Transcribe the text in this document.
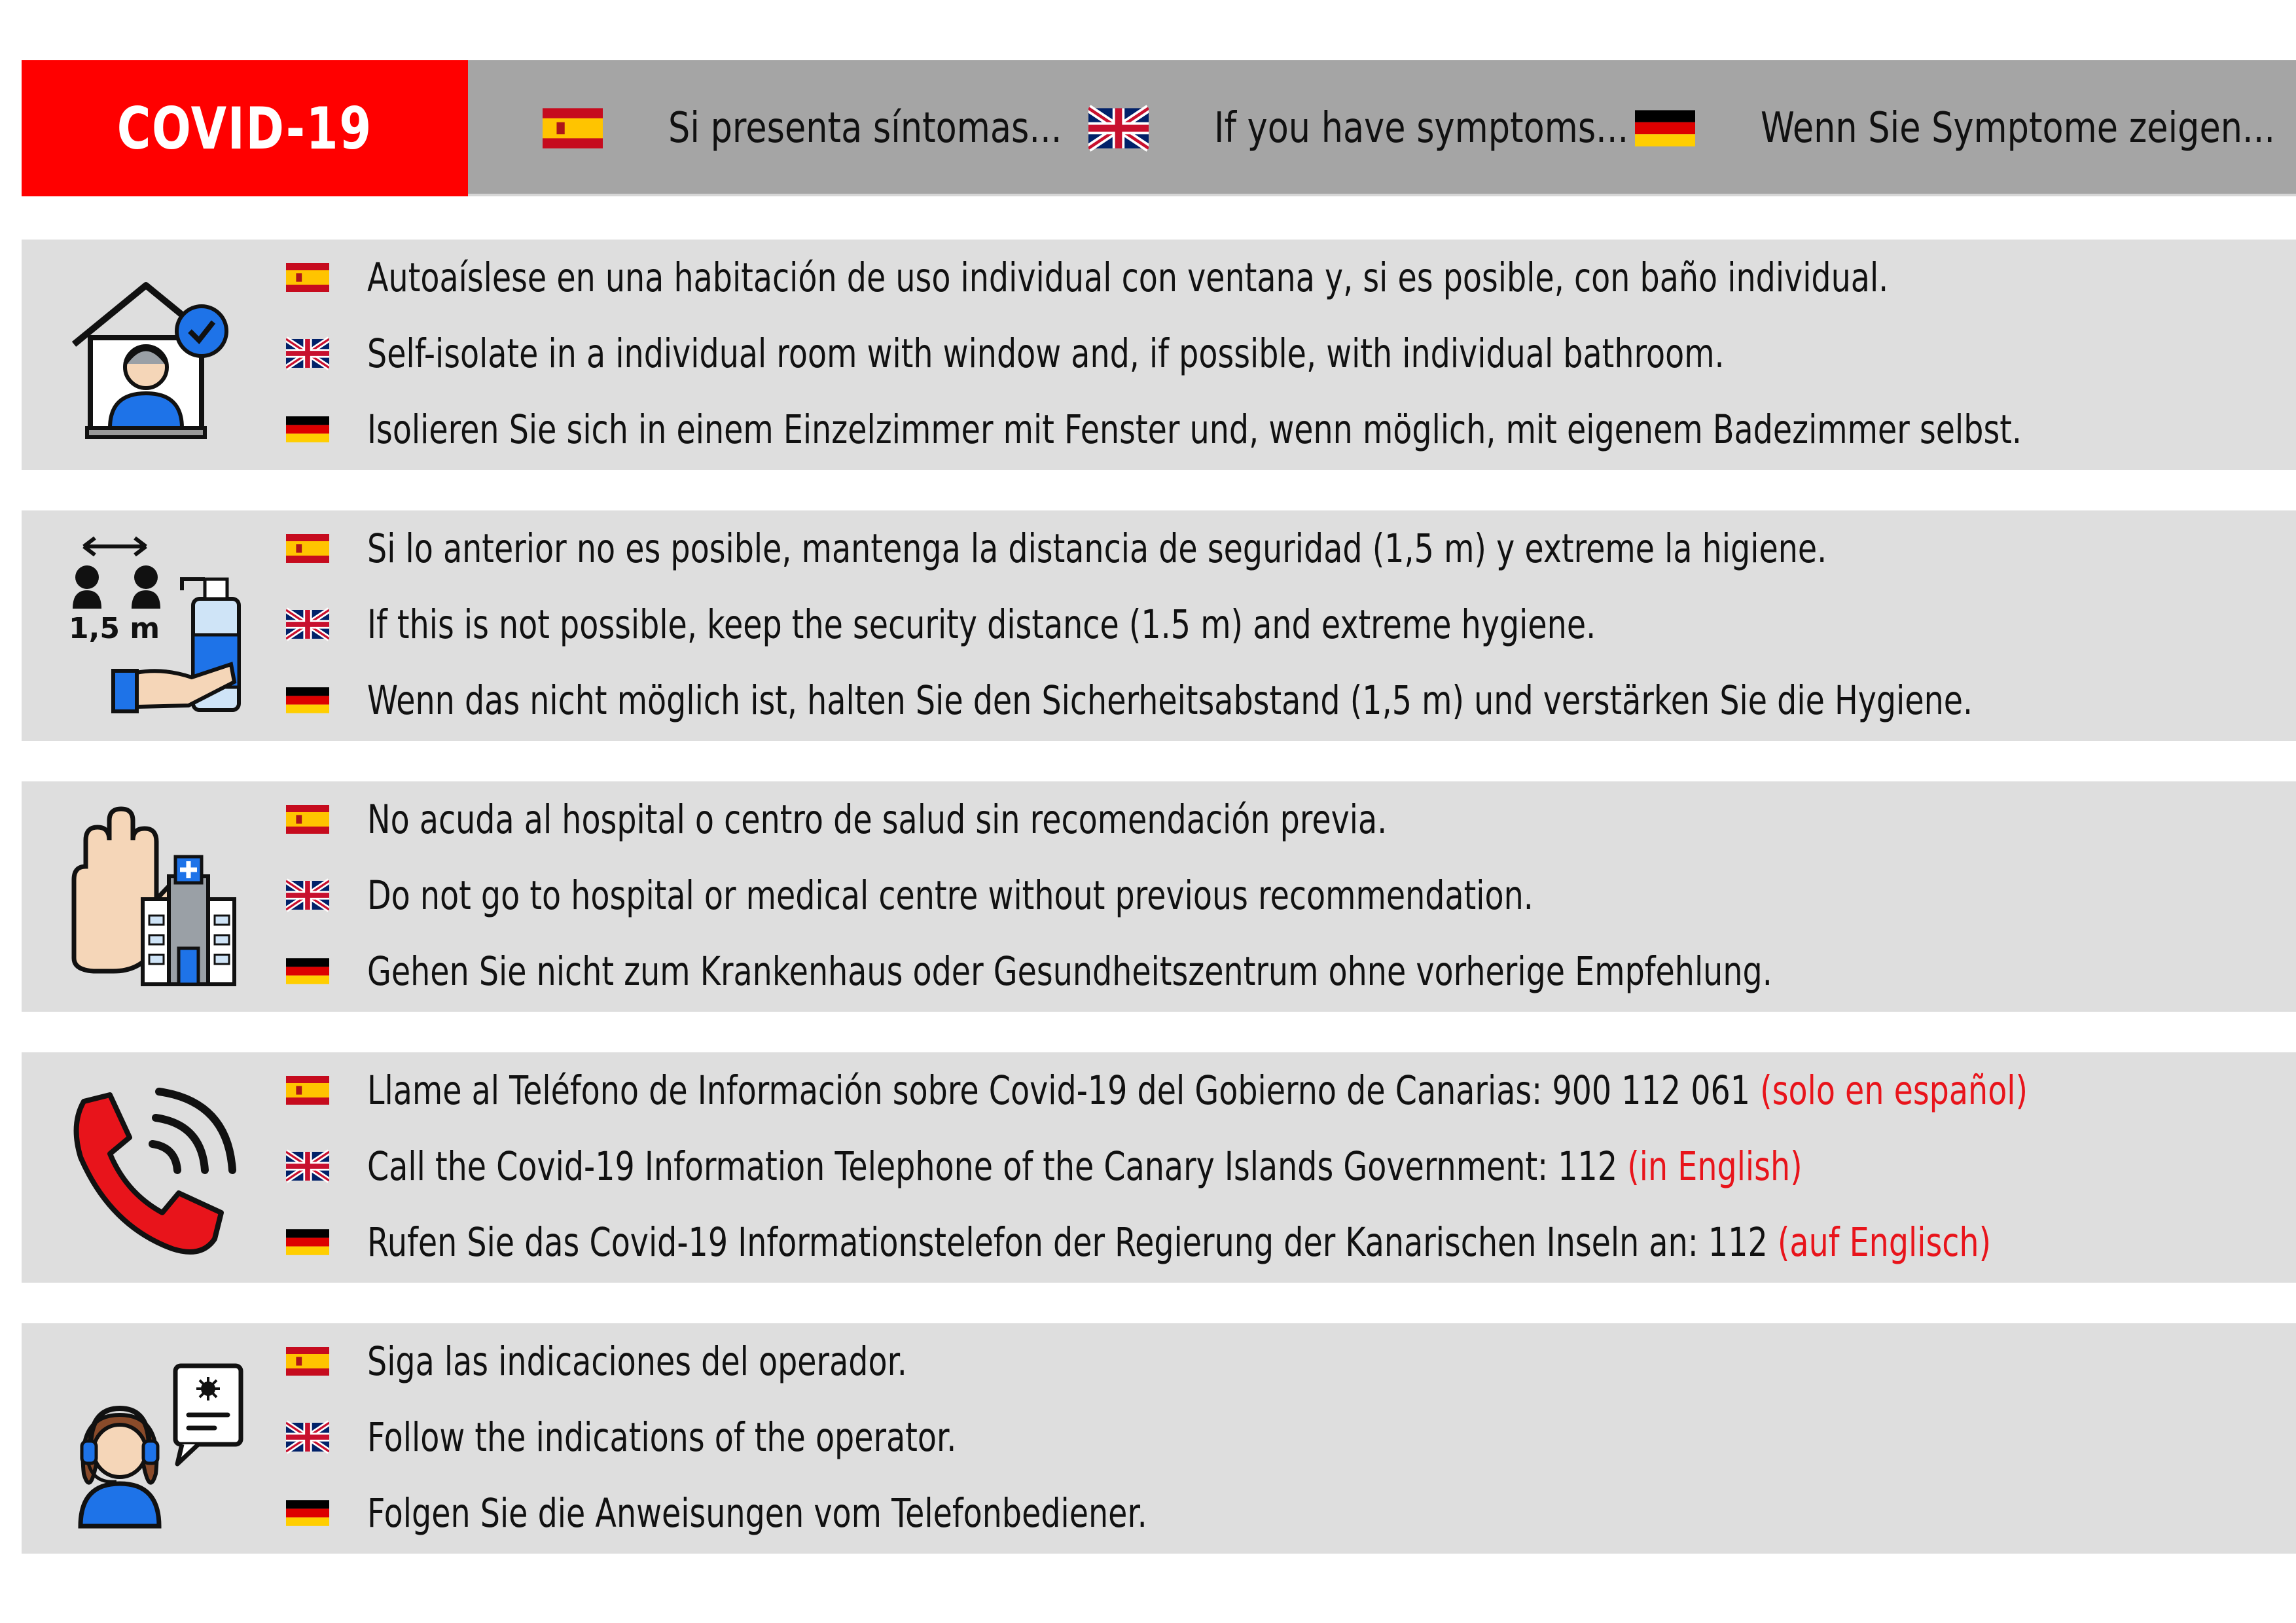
COVID-19	Si presenta síntomas...	If you have symptoms...	Wenn Sie Symptome zeigen...
Autoaíslese en una habitación de uso individual con ventana y, si es posible, con baño individual.
Self-isolate in a individual room with window and, if possible, with individual bathroom.
Isolieren Sie sich in einem Einzelzimmer mit Fenster und, wenn möglich, mit eigenem Badezimmer selbst.
1,5 m
Si lo anterior no es posible, mantenga la distancia de seguridad (1,5 m) y extreme la higiene.
If this is not possible, keep the security distance (1.5 m) and extreme hygiene.
Wenn das nicht möglich ist, halten Sie den Sicherheitsabstand (1,5 m) und verstärken Sie die Hygiene.
No acuda al hospital o centro de salud sin recomendación previa.
Do not go to hospital or medical centre without previous recommendation.
Gehen Sie nicht zum Krankenhaus oder Gesundheitszentrum ohne vorherige Empfehlung.
Llame al Teléfono de Información sobre Covid-19 del Gobierno de Canarias: 900 112 061 (solo en español)
Call the Covid-19 Information Telephone of the Canary Islands Government: 112 (in English)
Rufen Sie das Covid-19 Informationstelefon der Regierung der Kanarischen Inseln an: 112 (auf Englisch)
Siga las indicaciones del operador.
Follow the indications of the operator.
Folgen Sie die Anweisungen vom Telefonbediener.
